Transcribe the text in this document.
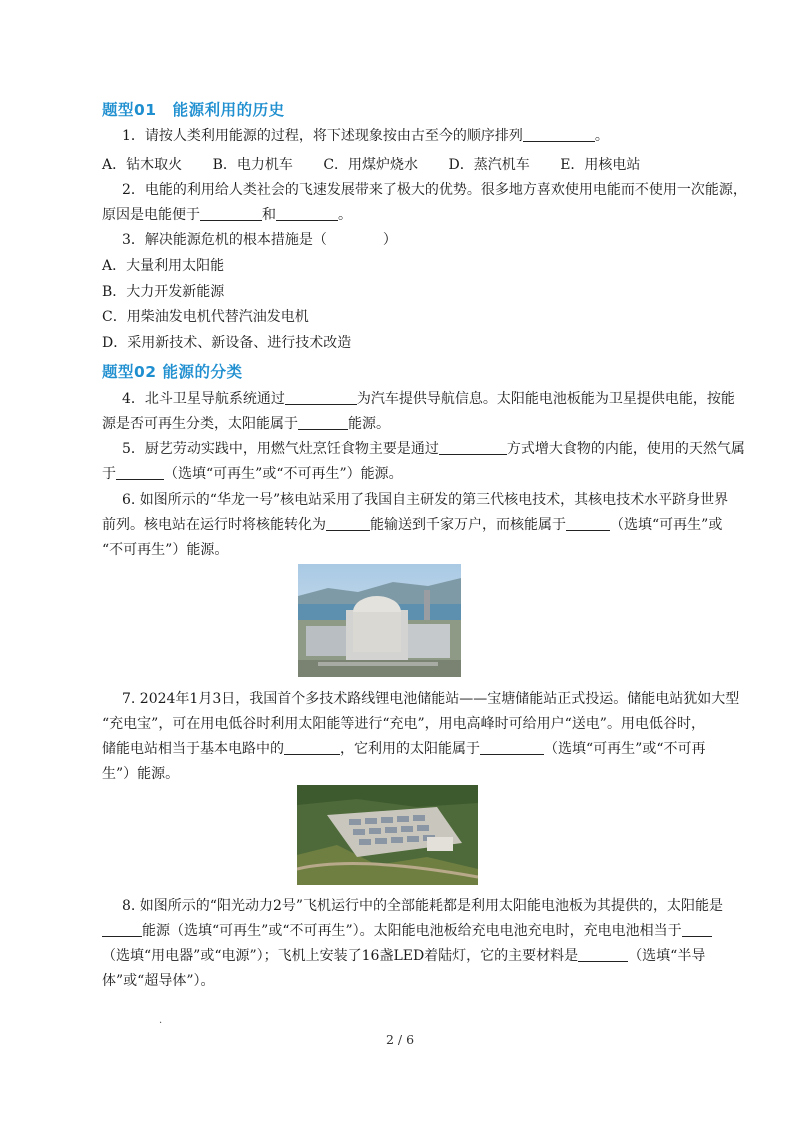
题型01　能源利用的历史
1．请按人类利用能源的过程，将下述现象按由古至今的顺序排列	。
A．钻木取火 B．电力机车 C．用煤炉烧水 D．蒸汽机车 E．用核电站
2．电能的利用给人类社会的飞速发展带来了极大的优势。很多地方喜欢使用电能而不使用一次能源，
原因是电能便于	和	。
3．解决能源危机的根本措施是（　　　　）
A．大量利用太阳能
B．大力开发新能源
C．用柴油发电机代替汽油发电机
D．采用新技术、新设备、进行技术改造
题型02 能源的分类
4．北斗卫星导航系统通过	为汽车提供导航信息。太阳能电池板能为卫星提供电能，按能
源是否可再生分类，太阳能属于	能源。
5．厨艺劳动实践中，用燃气灶烹饪食物主要是通过	方式增大食物的内能，使用的天然气属
于	（选填“可再生”或“不可再生”）能源。
6. 如图所示的“华龙一号”核电站采用了我国自主研发的第三代核电技术，其核电技术水平跻身世界
前列。核电站在运行时将核能转化为	能输送到千家万户，而核能属于	（选填“可再生”或
“不可再生”）能源。
7. 2024年1月3日，我国首个多技术路线锂电池储能站——宝塘储能站正式投运。储能电站犹如大型
“充电宝”，可在用电低谷时利用太阳能等进行“充电”，用电高峰时可给用户“送电”。用电低谷时，
储能电站相当于基本电路中的	，它利用的太阳能属于	（选填“可再生”或“不可再
生”）能源。
8. 如图所示的“阳光动力2号”飞机运行中的全部能耗都是利用太阳能电池板为其提供的，太阳能是
能源（选填“可再生”或“不可再生”）。太阳能电池板给充电电池充电时，充电电池相当于
（选填“用电器”或“电源”）；飞机上安装了16盏LED着陆灯，它的主要材料是	（选填“半导
体”或“超导体”）。
·
2 / 6
